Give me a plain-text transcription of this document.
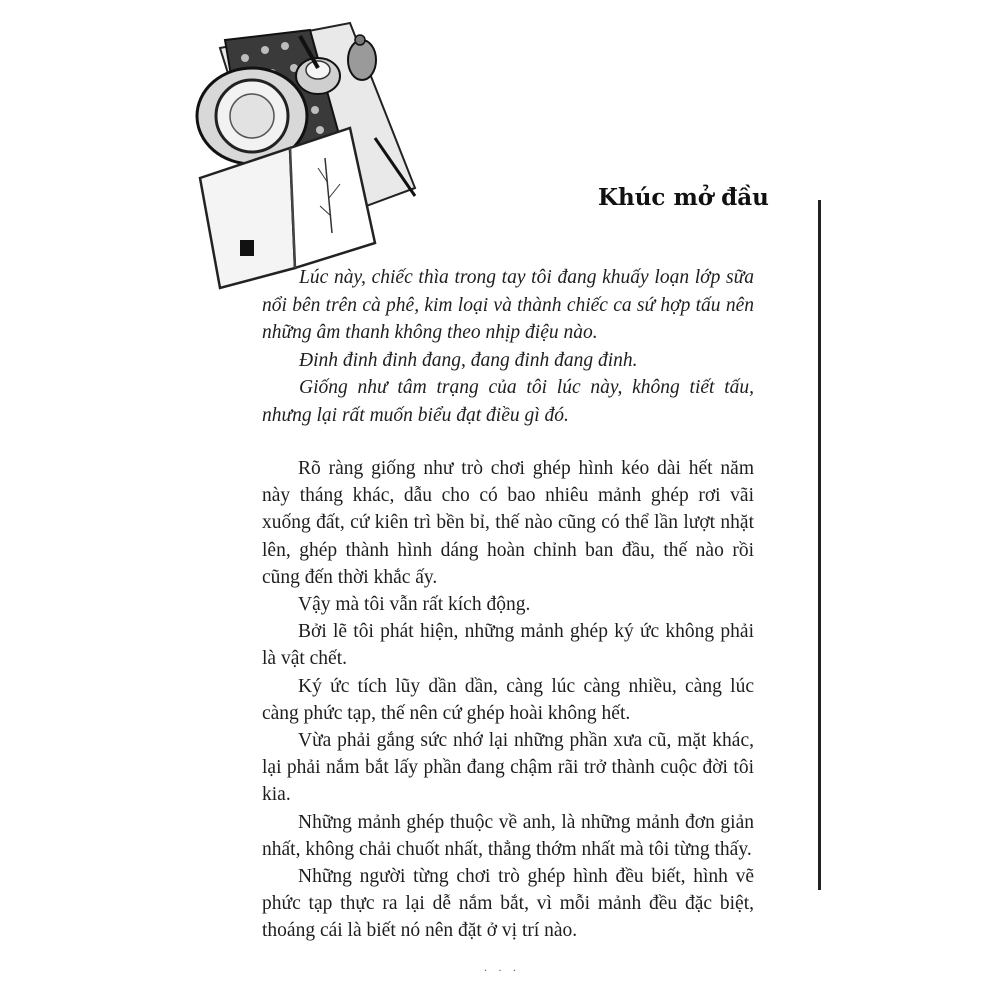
Khúc mở đầu

Lúc này, chiếc thìa trong tay tôi đang khuấy loạn lớp sữa nổi bên trên cà phê, kim loại và thành chiếc ca sứ hợp tấu nên những âm thanh không theo nhịp điệu nào.

Đinh đinh đinh đang, đang đinh đang đinh.

Giống như tâm trạng của tôi lúc này, không tiết tấu, nhưng lại rất muốn biểu đạt điều gì đó.

Rõ ràng giống như trò chơi ghép hình kéo dài hết năm này tháng khác, dẫu cho có bao nhiêu mảnh ghép rơi vãi xuống đất, cứ kiên trì bền bỉ, thế nào cũng có thể lần lượt nhặt lên, ghép thành hình dáng hoàn chỉnh ban đầu, thế nào rồi cũng đến thời khắc ấy.

Vậy mà tôi vẫn rất kích động.

Bởi lẽ tôi phát hiện, những mảnh ghép ký ức không phải là vật chết.

Ký ức tích lũy dần dần, càng lúc càng nhiều, càng lúc càng phức tạp, thế nên cứ ghép hoài không hết.

Vừa phải gắng sức nhớ lại những phần xưa cũ, mặt khác, lại phải nắm bắt lấy phần đang chậm rãi trở thành cuộc đời tôi kia.

Những mảnh ghép thuộc về anh, là những mảnh đơn giản nhất, không chải chuốt nhất, thẳng thớm nhất mà tôi từng thấy.

Những người từng chơi trò ghép hình đều biết, hình vẽ phức tạp thực ra lại dễ nắm bắt, vì mỗi mảnh đều đặc biệt, thoáng cái là biết nó nên đặt ở vị trí nào.

· · ·
